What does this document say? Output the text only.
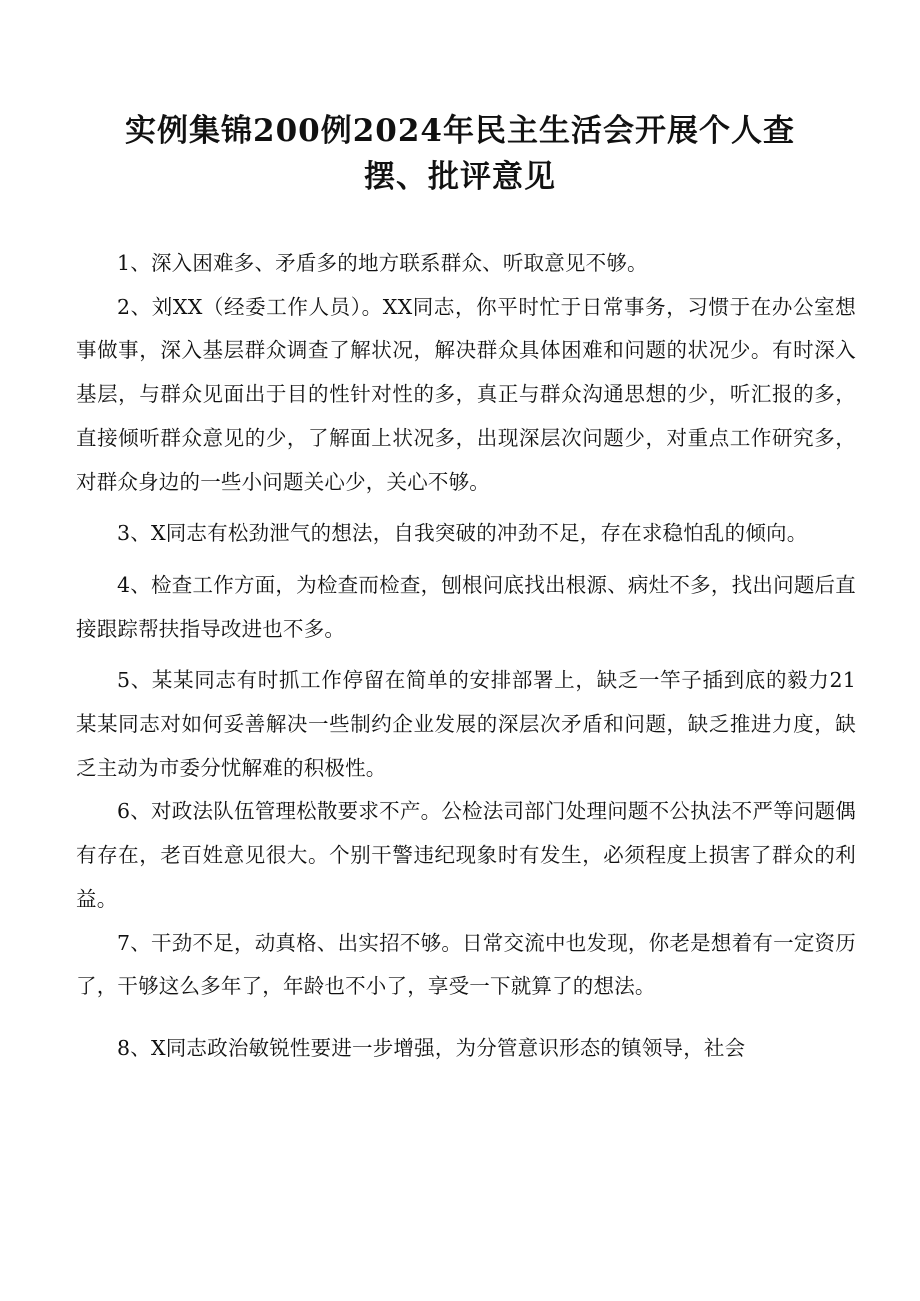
实例集锦200例2024年民主生活会开展个人查摆、批评意见

1、深入困难多、矛盾多的地方联系群众、听取意见不够。

2、刘XX（经委工作人员）。XX同志，你平时忙于日常事务，习惯于在办公室想事做事，深入基层群众调查了解状况，解决群众具体困难和问题的状况少。有时深入基层，与群众见面出于目的性针对性的多，真正与群众沟通思想的少，听汇报的多，直接倾听群众意见的少，了解面上状况多，出现深层次问题少，对重点工作研究多，对群众身边的一些小问题关心少，关心不够。

3、X同志有松劲泄气的想法，自我突破的冲劲不足，存在求稳怕乱的倾向。

4、检查工作方面，为检查而检查，刨根问底找出根源、病灶不多，找出问题后直接跟踪帮扶指导改进也不多。

5、某某同志有时抓工作停留在简单的安排部署上，缺乏一竿子插到底的毅力21某某同志对如何妥善解决一些制约企业发展的深层次矛盾和问题，缺乏推进力度，缺乏主动为市委分忧解难的积极性。

6、对政法队伍管理松散要求不产。公检法司部门处理问题不公执法不严等问题偶有存在，老百姓意见很大。个别干警违纪现象时有发生，必须程度上损害了群众的利益。

7、干劲不足，动真格、出实招不够。日常交流中也发现，你老是想着有一定资历了，干够这么多年了，年龄也不小了，享受一下就算了的想法。

8、X同志政治敏锐性要进一步增强，为分管意识形态的镇领导，社会
